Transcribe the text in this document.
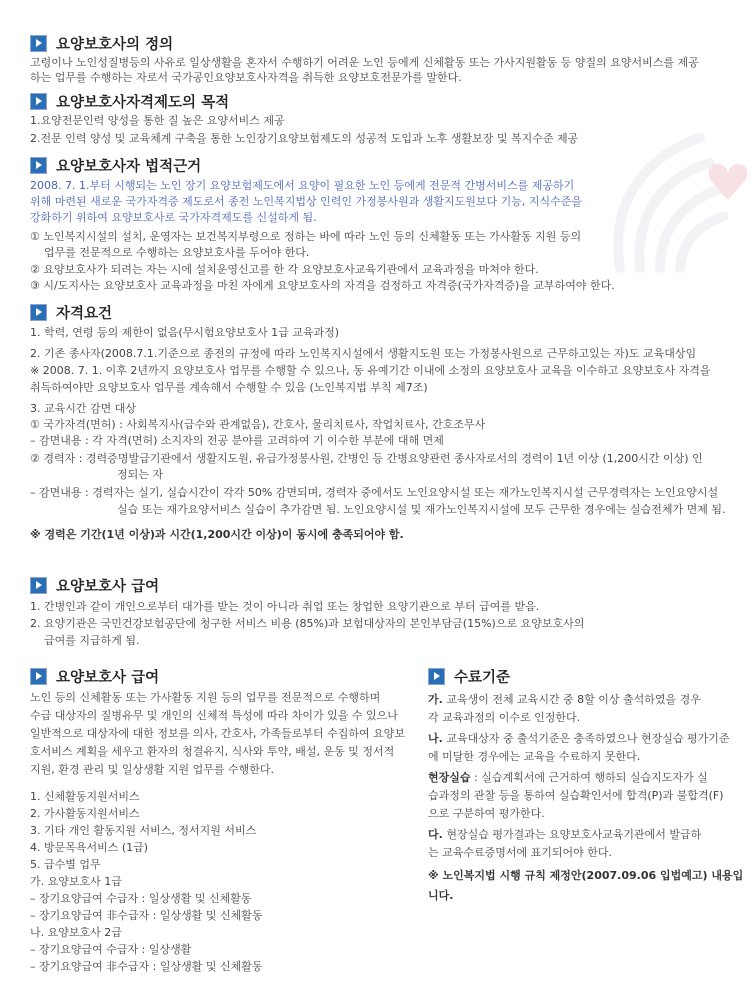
요양보호사의 정의
고령이나 노인성질병등의 사유로 일상생활을 혼자서 수행하기 어려운 노인 등에게 신체활동 또는 가사지원활동 등 양질의 요양서비스를 제공
하는 업무를 수행하는 자로서 국가공인요양보호사자격을 취득한 요양보호전문가를 말한다.
요양보호사자격제도의 목적
1.요양전문인력 양성을 통한 질 높은 요양서비스 제공
2.전문 인력 양성 및 교육체계 구축을 통한 노인장기요양보험제도의 성공적 도입과 노후 생활보장 및 복지수준 제공
요양보호사자 법적근거
2008. 7. 1.부터 시행되는 노인 장기 요양보험제도에서 요양이 필요한 노인 등에게 전문적 간병서비스를 제공하기
위해 마련된 새로운 국가자격증 제도로서 종전 노인복지법상 인력인 가정봉사원과 생활지도원보다 기능, 지식수준을
강화하기 위하여 요양보호사로 국가자격제도를 신설하게 됨.
① 노인복지시설의 설치, 운영자는 보건복지부령으로 정하는 바에 따라 노인 등의 신체활동 또는 가사활동 지원 등의
업무를 전문적으로 수행하는 요양보호사를 두어야 한다.
② 요양보호사가 되려는 자는 시에 설치운영신고를 한 각 요양보호사교육기관에서 교육과정을 마쳐야 한다.
③ 시/도지사는 요양보호사 교육과정을 마친 자에게 요양보호사의 자격을 검정하고 자격증(국가자격증)을 교부하여야 한다.
자격요건
1. 학력, 연령 등의 제한이 없음(무시험요양보호사 1급 교육과정)
2. 기존 종사자(2008.7.1.기준으로 종전의 규정에 따라 노인복지시설에서 생활지도원 또는 가정봉사원으로 근무하고있는 자)도 교육대상임
※ 2008. 7. 1. 이후 2년까지 요양보호사 업무를 수행할 수 있으나, 동 유예기간 이내에 소정의 요양보호사 교육을 이수하고 요양보호사 자격을
취득하여야만 요양보호사 업무를 계속해서 수행할 수 있음 (노인복지법 부칙 제7조)
3. 교육시간 감면 대상
① 국가자격(면허) : 사회복지사(급수와 관계없음), 간호사, 물리치료사, 작업치료사, 간호조무사
– 감면내용 : 각 자격(면허) 소지자의 전공 분야를 고려하여 기 이수한 부분에 대해 면제
② 경력자 : 경력증명발급기관에서 생활지도원, 유급가정봉사원, 간병인 등 간병요양관련 종사자로서의 경력이 1년 이상 (1,200시간 이상) 인
정되는 자
– 감면내용 : 경력자는 실기, 실습시간이 각각 50% 감면되며, 경력자 중에서도 노인요양시설 또는 재가노인복지시설 근무경력자는 노인요양시설
실습 또는 재가요양서비스 실습이 추가감면 됨. 노인요양시설 및 재가노인복지시설에 모두 근무한 경우에는 실습전체가 면제 됨.
※ 경력은 기간(1년 이상)과 시간(1,200시간 이상)이 동시에 충족되어야 함.
요양보호사 급여
1. 간병인과 같이 개인으로부터 대가를 받는 것이 아니라 취업 또는 창업한 요양기관으로 부터 급여를 받음.
2. 요양기관은 국민건강보험공단에 청구한 서비스 비용 (85%)과 보험대상자의 본인부담금(15%)으로 요양보호사의
급여를 지급하게 됨.
요양보호사 급여
노인 등의 신체활동 또는 가사활동 지원 등의 업무를 전문적으로 수행하며
수급 대상자의 질병유무 및 개인의 신체적 특성에 따라 차이가 있을 수 있으나
일반적으로 대상자에 대한 정보를 의사, 간호사, 가족들로부터 수집하여 요양보
호서비스 계획을 세우고 환자의 청결유지, 식사와 투약, 배설, 운동 및 정서적
지원, 환경 관리 및 일상생활 지원 업무를 수행한다.
1. 신체활동지원서비스
2. 가사활동지원서비스
3. 기타 개인 활동지원 서비스, 정서지원 서비스
4. 방문목욕서비스 (1급)
5. 급수별 업무
가. 요양보호사 1급
– 장기요양급여 수급자 : 일상생활 및 신체활동
– 장기요양급여 非수급자 : 일상생활 및 신체활동
나. 요양보호사 2급
– 장기요양급여 수급자 : 일상생활
– 장기요양급여 非수급자 : 일상생활 및 신체활동
수료기준
가. 교육생이 전체 교육시간 중 8할 이상 출석하였을 경우
각 교육과정의 이수로 인정한다.
나. 교육대상자 중 출석기준은 충족하였으나 현장실습 평가기준
에 미달한 경우에는 교육을 수료하지 못한다.
현장실습 : 실습계획서에 근거하여 행하되 실습지도자가 실
습과정의 관찰 등을 통하여 실습확인서에 합격(P)과 불합격(F)
으로 구분하여 평가한다.
다. 현장실습 평가결과는 요양보호사교육기관에서 발급하
는 교육수료증명서에 표기되어야 한다.
※ 노인복지법 시행 규칙 제정안(2007.09.06 입법예고) 내용입
니다.
